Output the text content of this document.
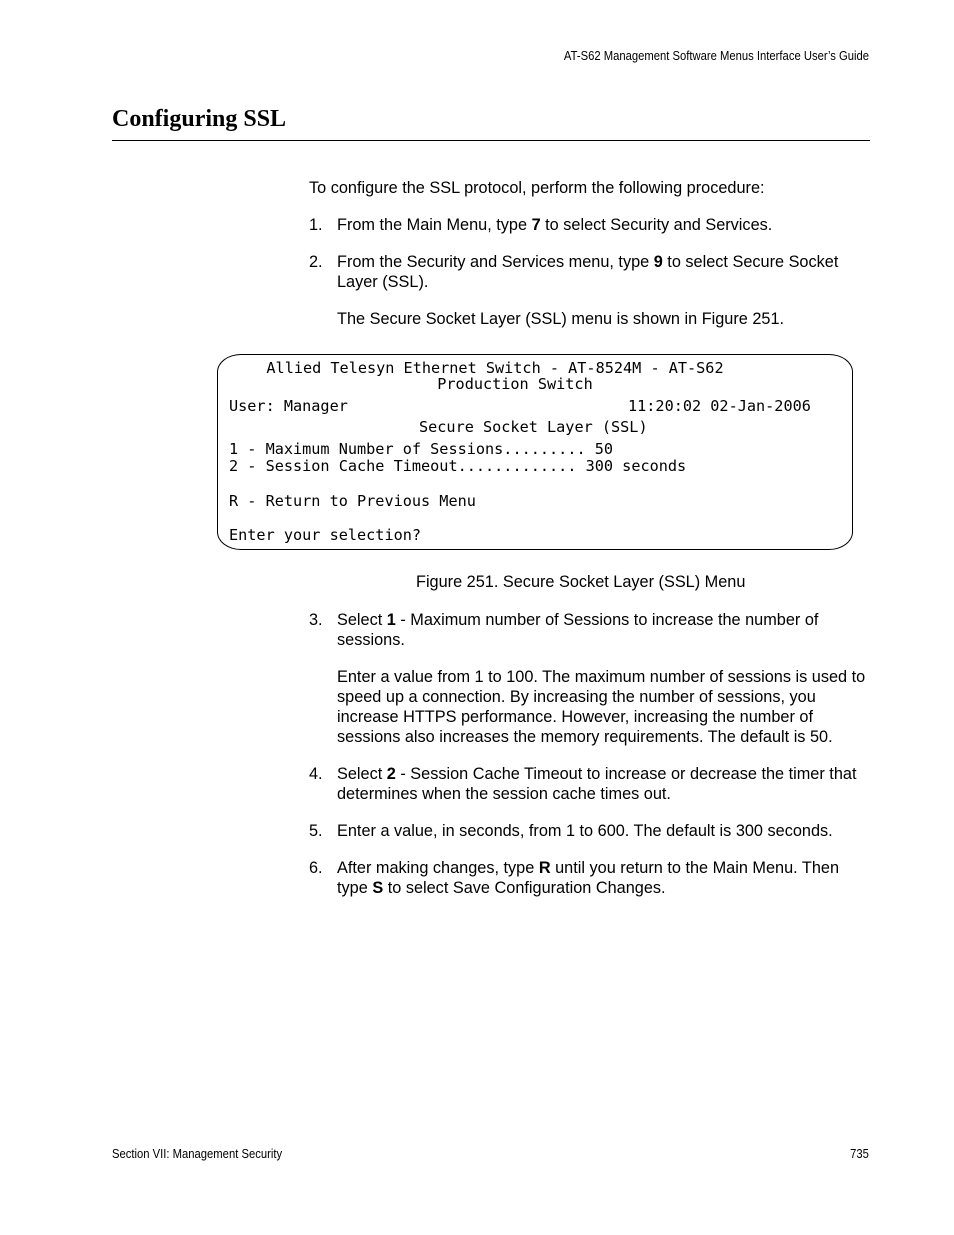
AT-S62 Management Software Menus Interface User’s Guide
Configuring SSL

To configure the SSL protocol, perform the following procedure:

1. From the Main Menu, type 7 to select Security and Services.
2. From the Security and Services menu, type 9 to select Secure Socket Layer (SSL).

The Secure Socket Layer (SSL) menu is shown in Figure 251.

Allied Telesyn Ethernet Switch - AT-8524M - AT-S62
Production Switch
User: Manager	11:20:02 02-Jan-2006
Secure Socket Layer (SSL)
1 - Maximum Number of Sessions......... 50
2 - Session Cache Timeout............. 300 seconds
R - Return to Previous Menu
Enter your selection?
Figure 251. Secure Socket Layer (SSL) Menu
3. Select 1 - Maximum number of Sessions to increase the number of sessions.

Enter a value from 1 to 100. The maximum number of sessions is used to speed up a connection. By increasing the number of sessions, you increase HTTPS performance. However, increasing the number of sessions also increases the memory requirements. The default is 50.

4. Select 2 - Session Cache Timeout to increase or decrease the timer that determines when the session cache times out.
5. Enter a value, in seconds, from 1 to 600. The default is 300 seconds.
6. After making changes, type R until you return to the Main Menu. Then type S to select Save Configuration Changes.
Section VII: Management Security	735
